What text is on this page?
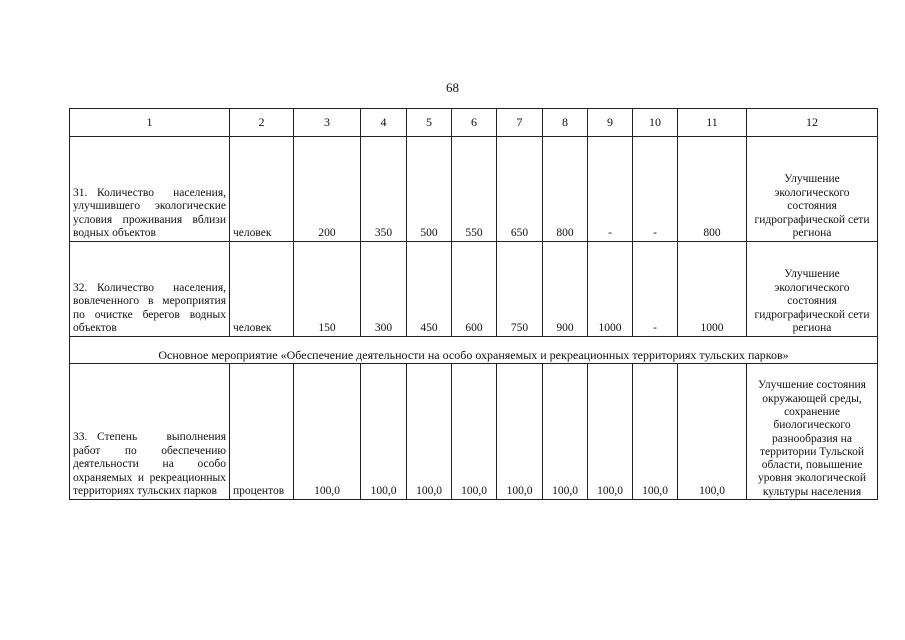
68
1	2	3	4	5	6	7	8	9	10	11	12
31. Количество населения, улучшившего экологические условия проживания вблизи водных объектов	человек	200	350	500	550	650	800	-	-	800	Улучшение экологического состояния гидрографической сети региона
32. Количество населения, вовлеченного в мероприятия по очистке берегов водных объектов	человек	150	300	450	600	750	900	1000	-	1000	Улучшение экологического состояния гидрографической сети региона
Основное мероприятие «Обеспечение деятельности на особо охраняемых и рекреационных территориях тульских парков»											
33. Степень выполнения работ по обеспечению деятельности на особо охраняемых и рекреационных территориях тульских парков	процентов	100,0	100,0	100,0	100,0	100,0	100,0	100,0	100,0	100,0	Улучшение состояния окружающей среды, сохранение биологического разнообразия на территории Тульской области, повышение уровня экологической культуры населения
